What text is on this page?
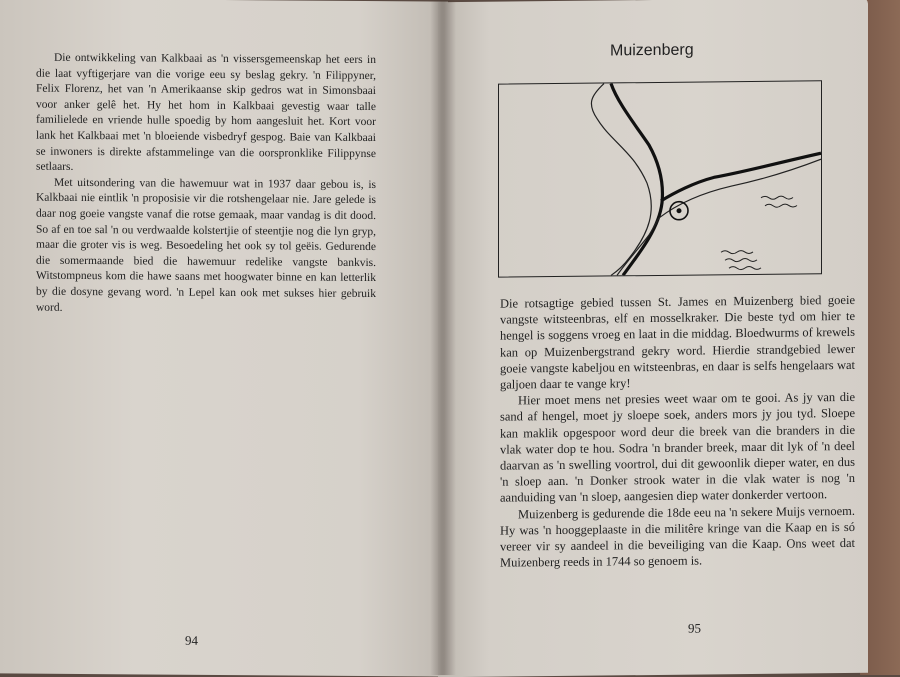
Die ontwikkeling van Kalkbaai as 'n vissersgemeenskap het eers in die laat vyftigerjare van die vorige eeu sy beslag gekry. 'n Filippyner, Felix Florenz, het van 'n Amerikaanse skip gedros wat in Simonsbaai voor anker gelê het. Hy het hom in Kalkbaai gevestig waar talle familielede en vriende hulle spoedig by hom aangesluit het. Kort voor lank het Kalkbaai met 'n bloeiende visbedryf gespog. Baie van Kalkbaai se inwoners is direkte afstammelinge van die oorspronklike Filippynse setlaars.

Met uitsondering van die hawemuur wat in 1937 daar gebou is, is Kalkbaai nie eintlik 'n proposisie vir die rotshengelaar nie. Jare gelede is daar nog goeie vangste vanaf die rotse gemaak, maar vandag is dit dood. So af en toe sal 'n ou verdwaalde kolstertjie of steentjie nog die lyn gryp, maar die groter vis is weg. Besoedeling het ook sy tol geëis. Gedurende die somermaande bied die hawemuur redelike vangste bankvis. Witstompneus kom die hawe saans met hoogwater binne en kan letterlik by die dosyne gevang word. 'n Lepel kan ook met sukses hier gebruik word.

94
Muizenberg

Die rotsagtige gebied tussen St. James en Muizenberg bied goeie vangste witsteenbras, elf en mosselkraker. Die beste tyd om hier te hengel is soggens vroeg en laat in die middag. Bloedwurms of krewels kan op Muizenbergstrand gekry word. Hierdie strandgebied lewer goeie vangste kabeljou en witsteenbras, en daar is selfs hengelaars wat galjoen daar te vange kry!

Hier moet mens net presies weet waar om te gooi. As jy van die sand af hengel, moet jy sloepe soek, anders mors jy jou tyd. Sloepe kan maklik opgespoor word deur die breek van die branders in die vlak water dop te hou. Sodra 'n brander breek, maar dit lyk of 'n deel daarvan as 'n swelling voortrol, dui dit gewoonlik dieper water, en dus 'n sloep aan. 'n Donker strook water in die vlak water is nog 'n aanduiding van 'n sloep, aangesien diep water donkerder vertoon.

Muizenberg is gedurende die 18de eeu na 'n sekere Muijs vernoem. Hy was 'n hooggeplaaste in die militêre kringe van die Kaap en is só vereer vir sy aandeel in die beveiliging van die Kaap. Ons weet dat Muizenberg reeds in 1744 so genoem is.

95
